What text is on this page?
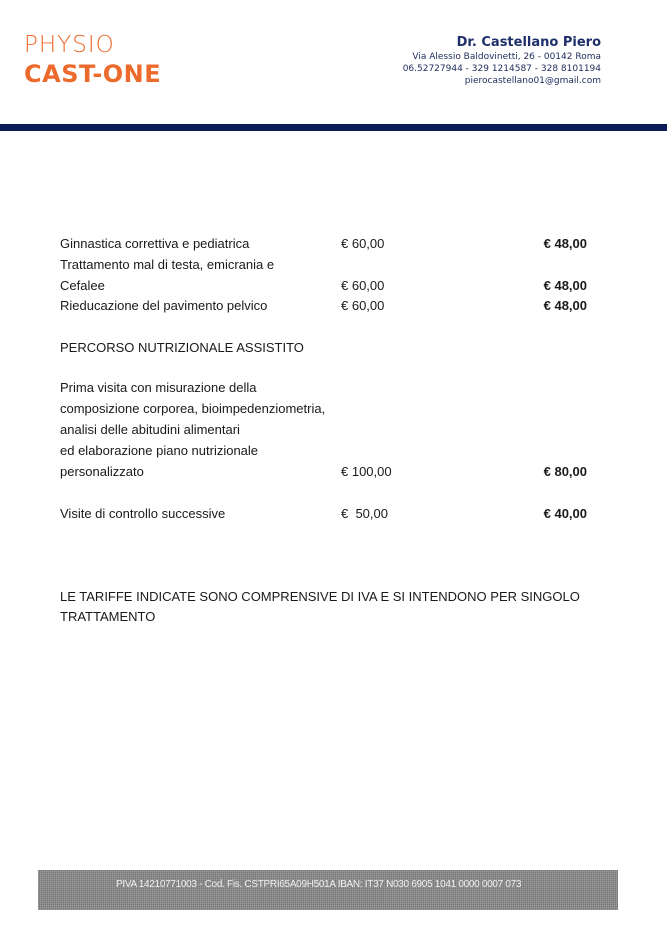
PHYSIO
CAST-ONE
Dr. Castellano Piero
Via Alessio Baldovinetti, 26 - 00142 Roma
06.52727944 - 329 1214587 - 328 8101194
pierocastellano01@gmail.com
Ginnastica correttiva e pediatrica	€ 60,00	€ 48,00
Trattamento mal di testa, emicrania e
Cefalee	€ 60,00	€ 48,00
Rieducazione del pavimento pelvico	€ 60,00	€ 48,00
PERCORSO NUTRIZIONALE ASSISTITO
Prima visita con misurazione della
composizione corporea, bioimpedenziometria,
analisi delle abitudini alimentari
ed elaborazione piano nutrizionale
personalizzato	€ 100,00	€ 80,00
Visite di controllo successive	€  50,00	€ 40,00
LE TARIFFE INDICATE SONO COMPRENSIVE DI IVA E SI INTENDONO PER SINGOLO
TRATTAMENTO
PIVA 14210771003 - Cod. Fis. CSTPRI65A09H501A IBAN: IT37 N030 6905 1041 0000 0007 073
